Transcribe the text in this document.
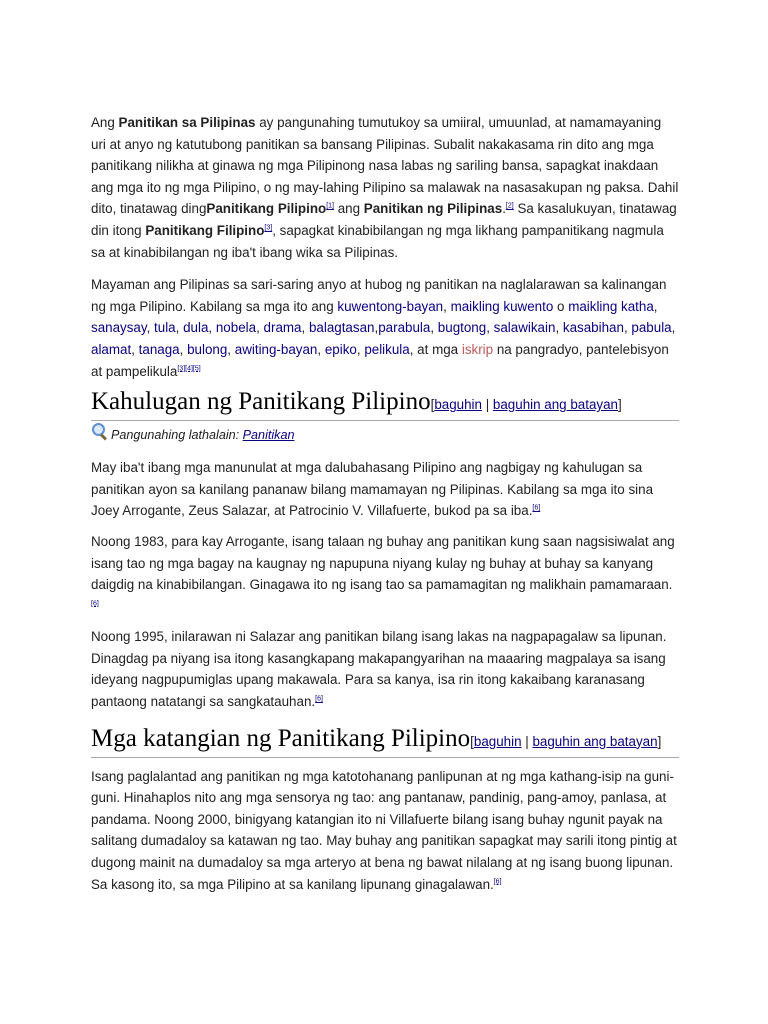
Ang Panitikan sa Pilipinas ay pangunahing tumutukoy sa umiiral, umuunlad, at namamayaning uri at anyo ng katutubong panitikan sa bansang Pilipinas. Subalit nakakasama rin dito ang mga panitikang nilikha at ginawa ng mga Pilipinong nasa labas ng sariling bansa, sapagkat inakdaan ang mga ito ng mga Pilipino, o ng may-lahing Pilipino sa malawak na nasasakupan ng paksa. Dahil dito, tinatawag dingPanitikang Pilipino[1] ang Panitikan ng Pilipinas.[2] Sa kasalukuyan, tinatawag din itong Panitikang Filipino[3], sapagkat kinabibilangan ng mga likhang pampanitikang nagmula sa at kinabibilangan ng iba't ibang wika sa Pilipinas.

Mayaman ang Pilipinas sa sari-saring anyo at hubog ng panitikan na naglalarawan sa kalinangan ng mga Pilipino. Kabilang sa mga ito ang kuwentong-bayan, maikling kuwento o maikling katha, sanaysay, tula, dula, nobela, drama, balagtasan,parabula, bugtong, salawikain, kasabihan, pabula, alamat, tanaga, bulong, awiting-bayan, epiko, pelikula, at mga iskrip na pangradyo, pantelebisyon at pampelikula[3][4][5]

Kahulugan ng Panitikang Pilipino[baguhin | baguhin ang batayan]
Pangunahing lathalain: Panitikan

May iba't ibang mga manunulat at mga dalubahasang Pilipino ang nagbigay ng kahulugan sa panitikan ayon sa kanilang pananaw bilang mamamayan ng Pilipinas. Kabilang sa mga ito sina Joey Arrogante, Zeus Salazar, at Patrocinio V. Villafuerte, bukod pa sa iba.[6]

Noong 1983, para kay Arrogante, isang talaan ng buhay ang panitikan kung saan nagsisiwalat ang isang tao ng mga bagay na kaugnay ng napupuna niyang kulay ng buhay at buhay sa kanyang daigdig na kinabibilangan. Ginagawa ito ng isang tao sa pamamagitan ng malikhain pamamaraan.[6]

Noong 1995, inilarawan ni Salazar ang panitikan bilang isang lakas na nagpapagalaw sa lipunan. Dinagdag pa niyang isa itong kasangkapang makapangyarihan na maaaring magpalaya sa isang ideyang nagpupumiglas upang makawala. Para sa kanya, isa rin itong kakaibang karanasang pantaong natatangi sa sangkatauhan.[6]

Mga katangian ng Panitikang Pilipino[baguhin | baguhin ang batayan]

Isang paglalantad ang panitikan ng mga katotohanang panlipunan at ng mga kathang-isip na guni-guni. Hinahaplos nito ang mga sensorya ng tao: ang pantanaw, pandinig, pang-amoy, panlasa, at pandama. Noong 2000, binigyang katangian ito ni Villafuerte bilang isang buhay ngunit payak na salitang dumadaloy sa katawan ng tao. May buhay ang panitikan sapagkat may sarili itong pintig at dugong mainit na dumadaloy sa mga arteryo at bena ng bawat nilalang at ng isang buong lipunan. Sa kasong ito, sa mga Pilipino at sa kanilang lipunang ginagalawan.[6]
